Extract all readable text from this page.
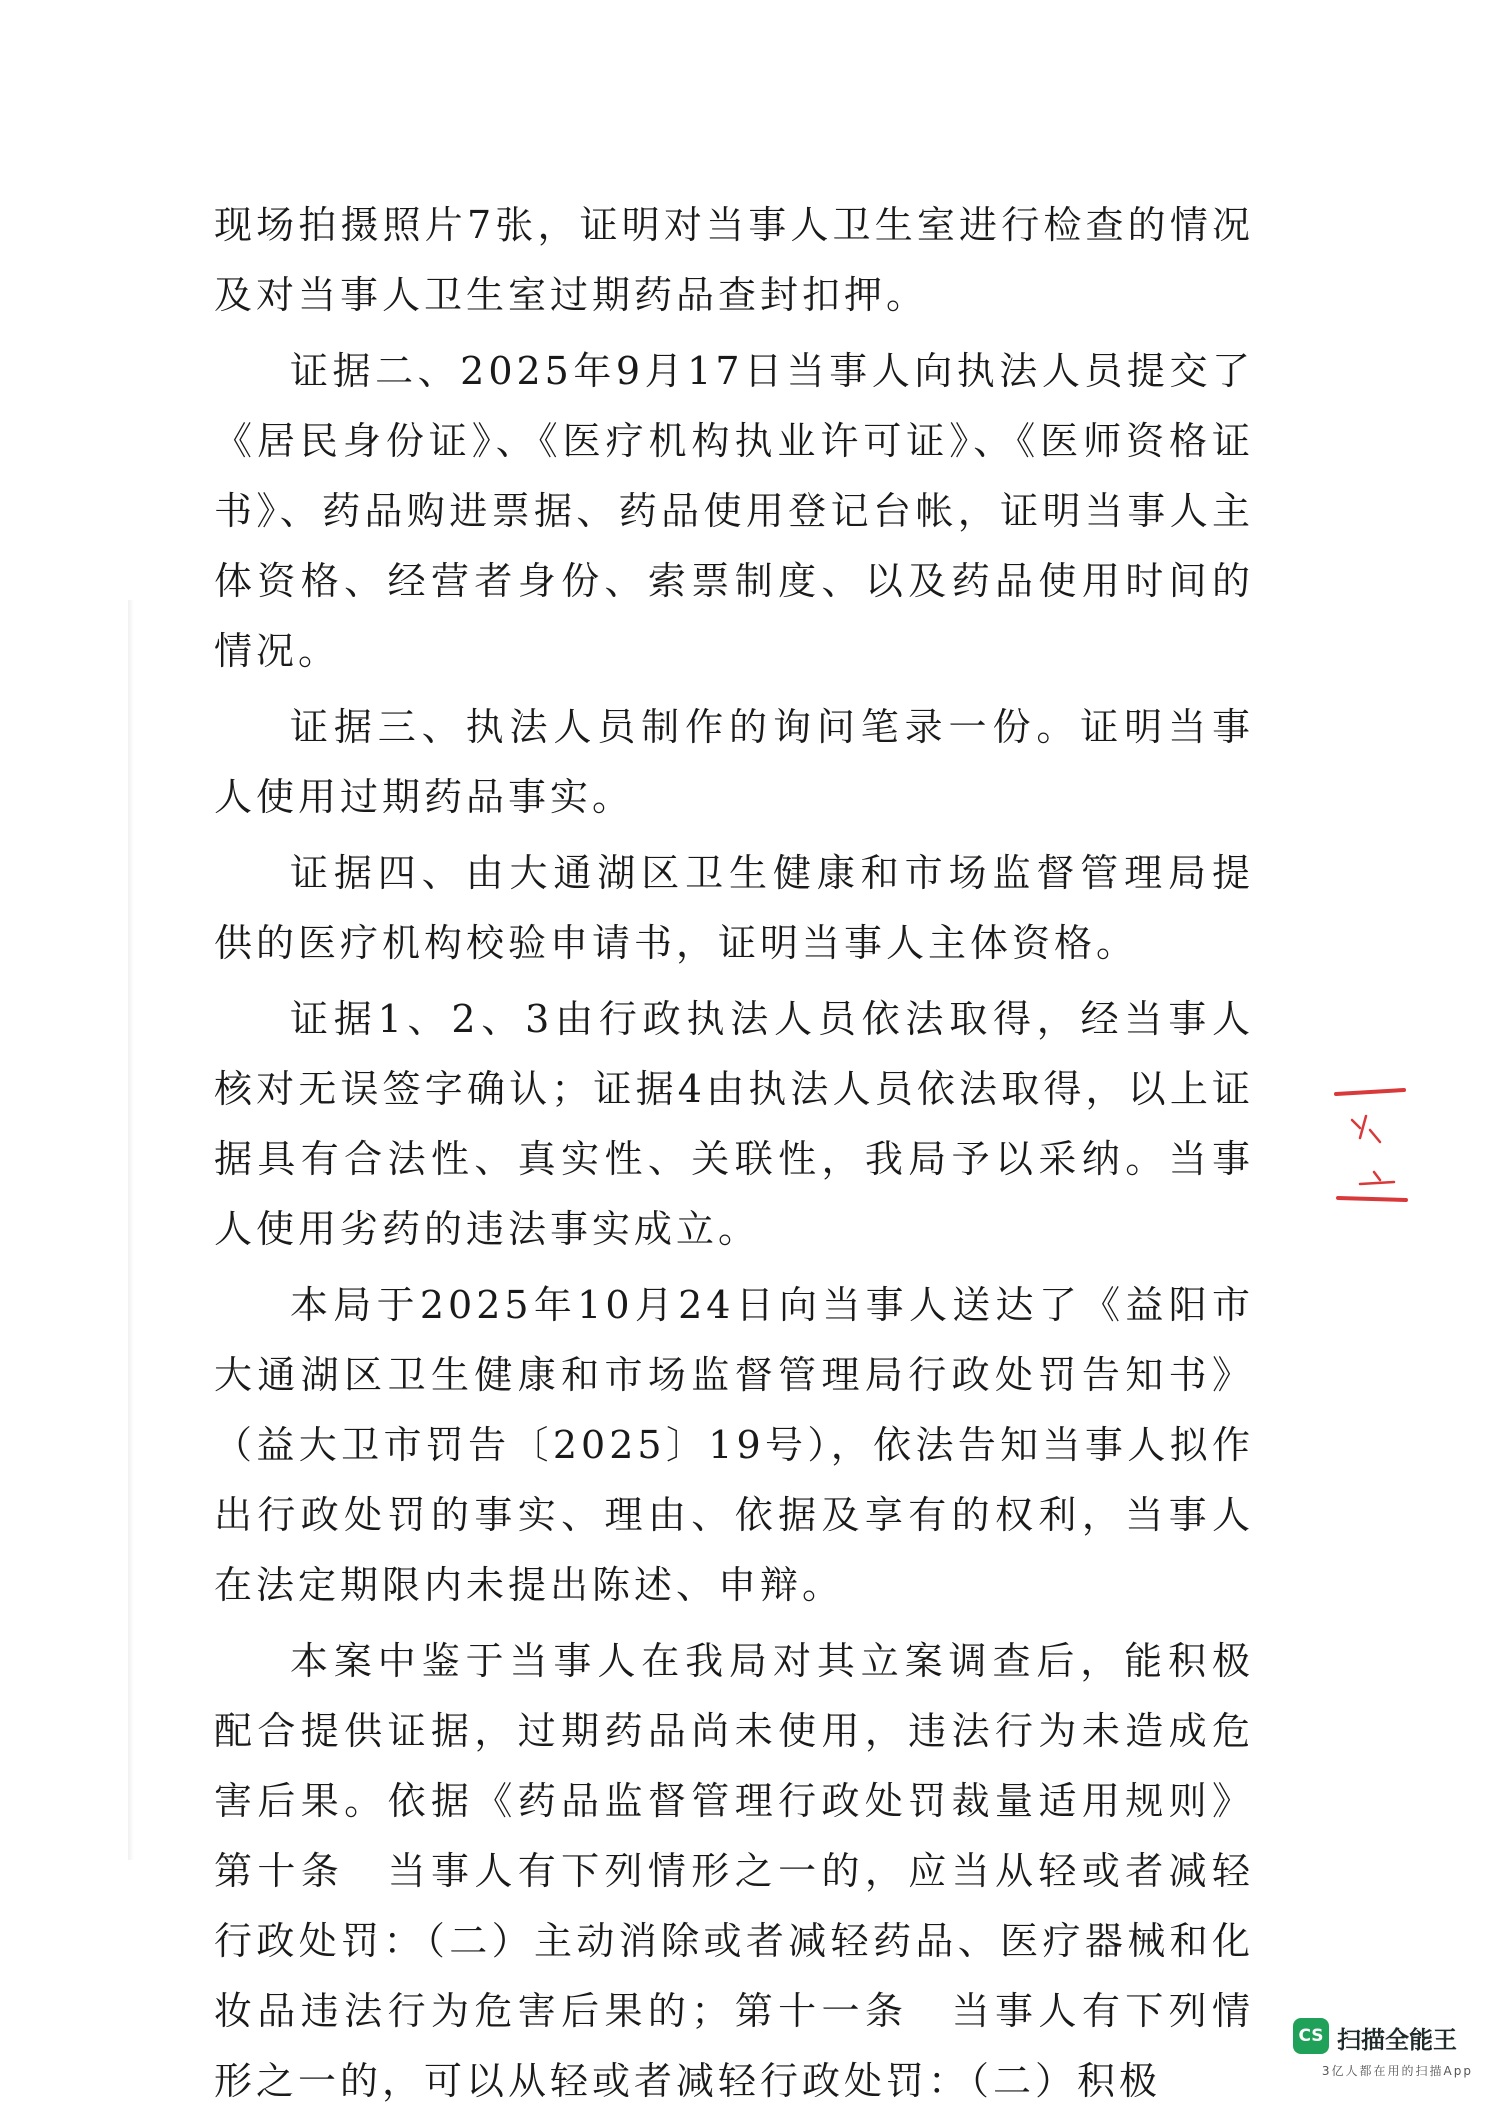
现场拍摄照片7张，证明对当事人卫生室进行检查的情况及对当事人卫生室过期药品查封扣押。

证据二、2025年9月17日当事人向执法人员提交了《居民身份证》、《医疗机构执业许可证》、《医师资格证书》、药品购进票据、药品使用登记台帐，证明当事人主体资格、经营者身份、索票制度、以及药品使用时间的情况。

证据三、执法人员制作的询问笔录一份。证明当事人使用过期药品事实。

证据四、由大通湖区卫生健康和市场监督管理局提供的医疗机构校验申请书，证明当事人主体资格。

证据1、2、3由行政执法人员依法取得，经当事人核对无误签字确认；证据4由执法人员依法取得，以上证据具有合法性、真实性、关联性，我局予以采纳。当事人使用劣药的违法事实成立。

本局于2025年10月24日向当事人送达了《益阳市大通湖区卫生健康和市场监督管理局行政处罚告知书》（益大卫市罚告〔2025〕19号），依法告知当事人拟作出行政处罚的事实、理由、依据及享有的权利，当事人在法定期限内未提出陈述、申辩。

本案中鉴于当事人在我局对其立案调查后，能积极配合提供证据，过期药品尚未使用，违法行为未造成危害后果。依据《药品监督管理行政处罚裁量适用规则》第十条　当事人有下列情形之一的，应当从轻或者减轻行政处罚：（二）主动消除或者减轻药品、医疗器械和化妆品违法行为危害后果的；第十一条　当事人有下列情形之一的，可以从轻或者减轻行政处罚：（二）积极

CS 扫描全能王
3亿人都在用的扫描App
